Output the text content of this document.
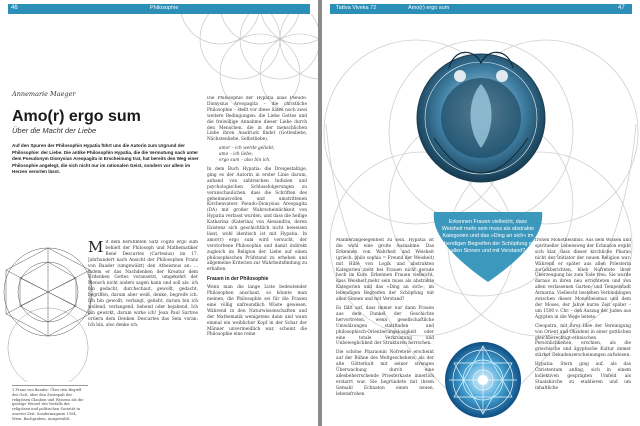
46	Philosophie
Annemarie Maeger
Amo(r) ergo sum
Über die Macht der Liebe
Auf den Spuren der Philosophin Hypatia führt uns die Autorin zum Urgrund der Philosophie: der Liebe. Die antike Philosophin Hypatia, die die Vermutung nach unter dem Pseudonym Dionysius Areopagita in Erscheinung trat, hat bereits den Weg einer Philosophie angelegt, die sich nicht nur im rationalen Geist, sondern vor allem im Herzen verorten lässt.
Mit dem berühmten Satz cogito ergo sum behielt der Philosoph und Mathematiker René Descartes (Cartesius) im 17. Jahrhundert nach Ansicht der Philosophen Franz von Baader (umgewälzt) den Atheismus an: ... indem er das Nachdenken der Kreatur dem Urdenken Gottes voransetzt, umgekehrt der Mensch nicht anders sagen kann und soll als: ich bin gedacht, durchschaut, gewollt, gedacht, begriffen, darum aber weiß, denke, begreife ich. Ich bin gewollt, verlangt, geliebt, darum bin ich wollend, verlangend, liebend oder bejahend. Ich bin gewirkt, darum wirke ich! Jean Paul Sartres ortiern dem Denken Descartes das Sein voran: Ich bin, also denke ich.
1 Franz von Baader: Über den Begriff des Gott, über den Zwiespalt der religiösen Glauben und Wissens als die geistige Wurzel des Verfalls der religiösen und politischen Societät in unserer Zeit. Sondermagazin 1954, Wien, Bachgraben, Ausgewählt.

Die Philosophie der Hypatia alias Pseudo-Dionysius Areopagita – die christliche Philosophie – stellt vor diese Sätze noch zwei weitere Bedingungen: die Liebe Gottes und die freiwillige Annahme dieser Liebe durch den Menschen, die in der menschlichen Liebe ihren Ausdruck findet (Gottesliebe, Nächstenliebe, Selbstliebe).

amor – ich werde geliebt;
amo – ich liebe;
ergo sum – also bin ich.

In dem Buch Hypatia: die Dreigestaltige, ging es der Autorin in erster Linie darum, anhand von zahlreichen Indizien und psychologischen Schlussfolgerungen zu veranschaulichen, dass die Schriften des geheimnisvollen und umstrittenen Kirchenvaters Pseudo-Dionysius Areopagita (DA) mit großer Wahrscheinlichkeit von Hypatia verfasst wurden, und dass die heilige Katharina (Katerina) von Alexandria, deren Existenz sich geschichtlich nicht beweisen lässt, wohl identisch ist mit Hypatia. In amor(r) ergo sum wird versucht, der verstorbene Philosophin und damit indirekt zugleich im Religion der Liebe auf einen philosophischen Prüfstand zu erheben und allgemeine Kriterien zur Wahrheitsfindung zu erhalten.

Frauen in der Philosophie

Wenn man die lange Liste bedeutender Philosophen anschaut, so könnte man meinen, die Philosophie sei für die Frauen eine völlig unfreundlich Wüste gewesen. Während in den Naturwissenschaften und der Mathematik wenigstens dann und wann einmal ein weiblicher Kopf in der Schar der Männer unvermeidlich war, scheint die Philosophie eine reine

Tattva Viveka 72	Amo(r) ergo sum	47
Erkennen Frauen vielleicht, dass Weisheit mehr sein muss als abstrakte Kategorien und das »Ding an sich« im lebendigen Begreifen der Schöpfung mit allen Sinnen und mit Verstand?

Männerangelegenheit zu sein. Hypatia ist die wohl eine große Ausnahme. Das Erkennen von Wahrheit und Weisheit (griech. philo sophia = Freund der Weisheit) mit Hilfe von Logik und abstrakten Kategorien zieht bei Frauen nicht gerade hoch im Kurs. Erkennen Frauen vielleicht, dass Weisheit mehr sein muss als abstrakte Kategorien und das »Ding an sich«, im lebendigen Begreifen der Schöpfung mit allen Sinnen und mit Verstand?

Es fällt auf, dass immer nur dann Frauen aus dem Dunkel der Geschichte hervortreten, wenn gesellschaftliche Umwälzungen stattfinden und philosophisch-Orientierungslosigkeit oder eine totale Verkrustung und Unbeweglichkeit der Strukturen herrschen.

Die schöne Pharaonin Nofretete erscheint auf der Bühne des Weltgeschehens, als der alte Götterkult mit seiner strengen Überwachung durch eine allesbeherrschende Priesterkaste innerlich erstarrt war. Sie begründete mit ihrem Gemahl Echnaton einen neuen, lebensfrohen

frohen Monotheismus. Aus dem Wissen und spiritueller Lebensweg der Echnaton ergibt sich klar, dass dieser kirchliche Pharao nicht der Initiator der neuen Religion war: Während er später aus allen Priesterin zurückberichten, blieb Nofretete ihrer Überzeugung bis zum Tode treu. Sie wurde daraus in ihren neu errichteten und von allen verlassenen Garten- und Tempelstadt Armarna. Vielleicht bestehen Verbindungen zwischen dieser Monotheismus und dem der Moses, der Jahve kurze Zeit später – um 1500 v. Chr. – den Auszug der Juden aus Ägypten in die Wege leitete.

Cleopatra, mit ihrer Idee der Vereinigung von Orient und Okzident in einer gottlichen gleichberechtigt-ethnischen Persönlichkeiten, erschien, als die griechische und ägyptische Kultur immer stärker Dekadenzerscheinungen aufwiesen.

Hypatia: Stern ging auf, als das Christentum anfing, sich in einem kollektiven gesprägten Umfeld als Staatskirche zu etablieren und um inhaltliche
